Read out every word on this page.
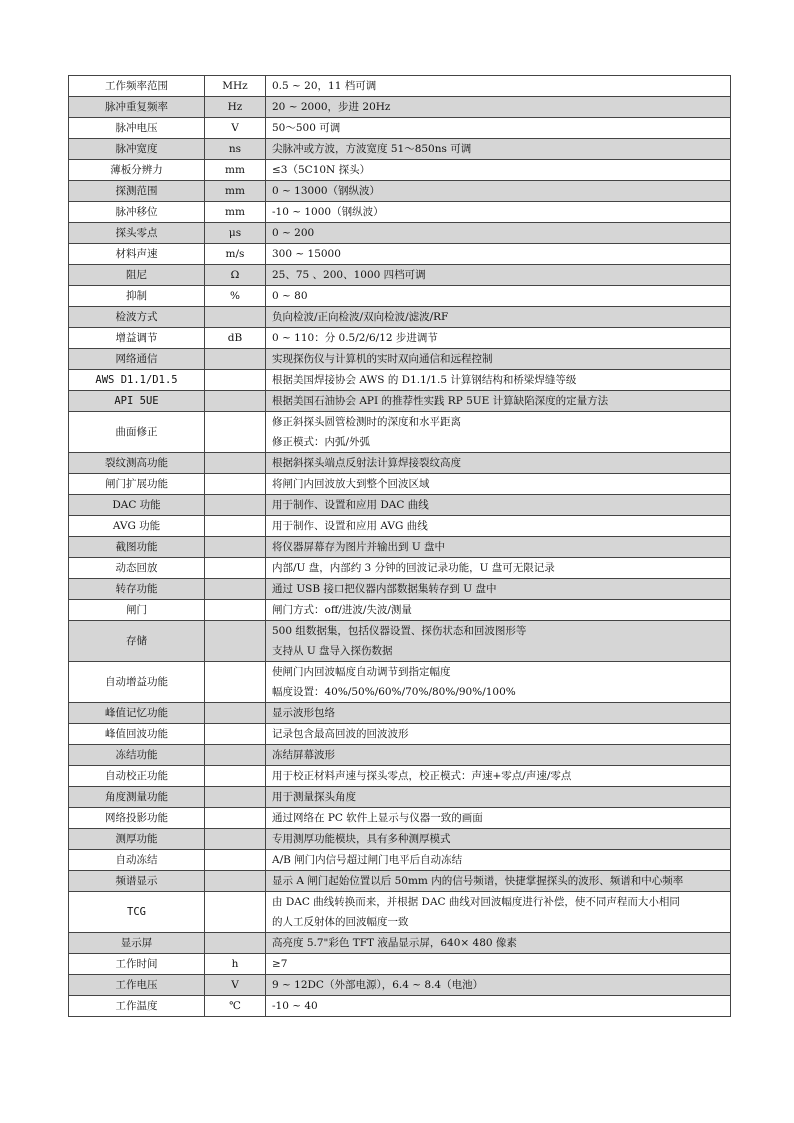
工作频率范围	MHz	0.5 ~ 20，11 档可调
脉冲重复频率	Hz	20 ~ 2000，步进 20Hz
脉冲电压	V	50～500 可调
脉冲宽度	ns	尖脉冲或方波，方波宽度 51～850ns 可调
薄板分辨力	mm	≤3（5C10N 探头）
探测范围	mm	0 ~ 13000（钢纵波）
脉冲移位	mm	-10 ~ 1000（钢纵波）
探头零点	μs	0 ~ 200
材料声速	m/s	300 ~ 15000
阻尼	Ω	25、75 、200、1000 四档可调
抑制	%	0 ~ 80
检波方式		负向检波/正向检波/双向检波/滤波/RF
增益调节	dB	0 ~ 110：分 0.5/2/6/12 步进调节
网络通信		实现探伤仪与计算机的实时双向通信和远程控制
AWS D1.1/D1.5		根据美国焊接协会 AWS 的 D1.1/1.5 计算钢结构和桥梁焊缝等级
API 5UE		根据美国石油协会 API 的推荐性实践 RP 5UE 计算缺陷深度的定量方法
曲面修正		修正斜探头圆管检测时的深度和水平距离
修正模式：内弧/外弧

裂纹测高功能		根据斜探头端点反射法计算焊接裂纹高度
闸门扩展功能		将闸门内回波放大到整个回波区域
DAC 功能		用于制作、设置和应用 DAC 曲线
AVG 功能		用于制作、设置和应用 AVG 曲线
截图功能		将仪器屏幕存为图片并输出到 U 盘中
动态回放		内部/U 盘，内部约 3 分钟的回波记录功能，U 盘可无限记录
转存功能		通过 USB 接口把仪器内部数据集转存到 U 盘中
闸门		闸门方式：off/进波/失波/测量
存储		500 组数据集，包括仪器设置、探伤状态和回波图形等
支持从 U 盘导入探伤数据

自动增益功能		使闸门内回波幅度自动调节到指定幅度
幅度设置：40%/50%/60%/70%/80%/90%/100%

峰值记忆功能		显示波形包络
峰值回波功能		记录包含最高回波的回波波形
冻结功能		冻结屏幕波形
自动校正功能		用于校正材料声速与探头零点，校正模式：声速+零点/声速/零点
角度测量功能		用于测量探头角度
网络投影功能		通过网络在 PC 软件上显示与仪器一致的画面
测厚功能		专用测厚功能模块，具有多种测厚模式
自动冻结		A/B 闸门内信号超过闸门电平后自动冻结
频谱显示		显示 A 闸门起始位置以后 50mm 内的信号频谱，快捷掌握探头的波形、频谱和中心频率
TCG		由 DAC 曲线转换而来，并根据 DAC 曲线对回波幅度进行补偿，使不同声程而大小相同
的人工反射体的回波幅度一致

显示屏		高亮度 5.7"彩色 TFT 液晶显示屏，640× 480 像素
工作时间	h	≥7
工作电压	V	9 ~ 12DC（外部电源），6.4 ~ 8.4（电池）
工作温度	℃	-10 ~ 40
